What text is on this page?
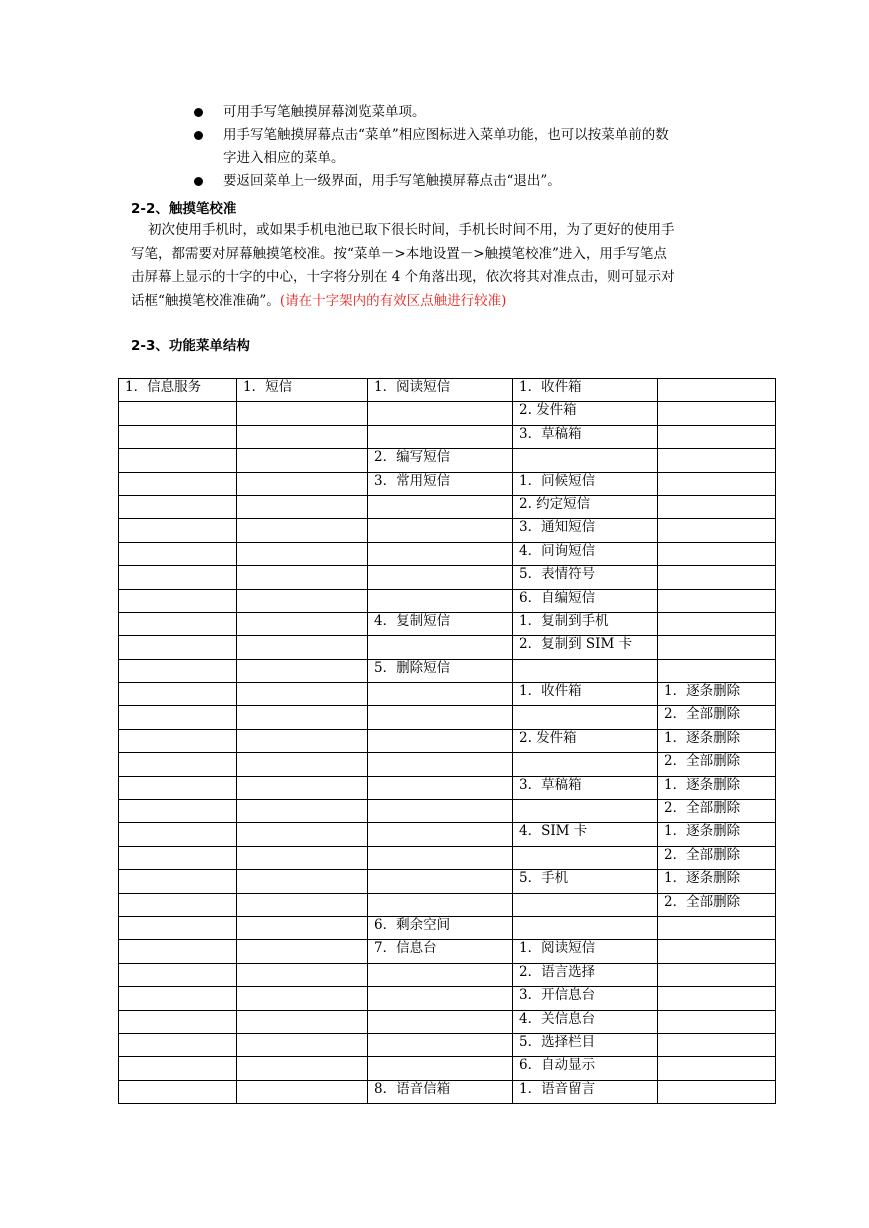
可用手写笔触摸屏幕浏览菜单项。
用手写笔触摸屏幕点击“菜单”相应图标进入菜单功能，也可以按菜单前的数
字进入相应的菜单。
要返回菜单上一级界面，用手写笔触摸屏幕点击“退出”。
2-2、触摸笔校准
初次使用手机时，或如果手机电池已取下很长时间，手机长时间不用，为了更好的使用手
写笔，都需要对屏幕触摸笔校准。按“菜单－>本地设置－>触摸笔校准”进入，用手写笔点
击屏幕上显示的十字的中心，十字将分别在 4 个角落出现，依次将其对准点击，则可显示对
话框“触摸笔校准准确”。(请在十字架内的有效区点触进行较准)
2-3、功能菜单结构
1．信息服务	1．短信	1．阅读短信	1．收件箱	
			2. 发件箱	
			3．草稿箱	
		2．编写短信		
		3．常用短信	1．问候短信	
			2. 约定短信	
			3．通知短信	
			4．问询短信	
			5．表情符号	
			6．自编短信	
		4．复制短信	1．复制到手机	
			2．复制到 SIM 卡	
		5．删除短信		
			1．收件箱	1．逐条删除
				2．全部删除
			2. 发件箱	1．逐条删除
				2．全部删除
			3．草稿箱	1．逐条删除
				2．全部删除
			4．SIM 卡	1．逐条删除
				2．全部删除
			5．手机	1．逐条删除
				2．全部删除
		6．剩余空间		
		7．信息台	1．阅读短信	
			2．语言选择	
			3．开信息台	
			4．关信息台	
			5．选择栏目	
			6．自动显示	
		8．语音信箱	1．语音留言	
